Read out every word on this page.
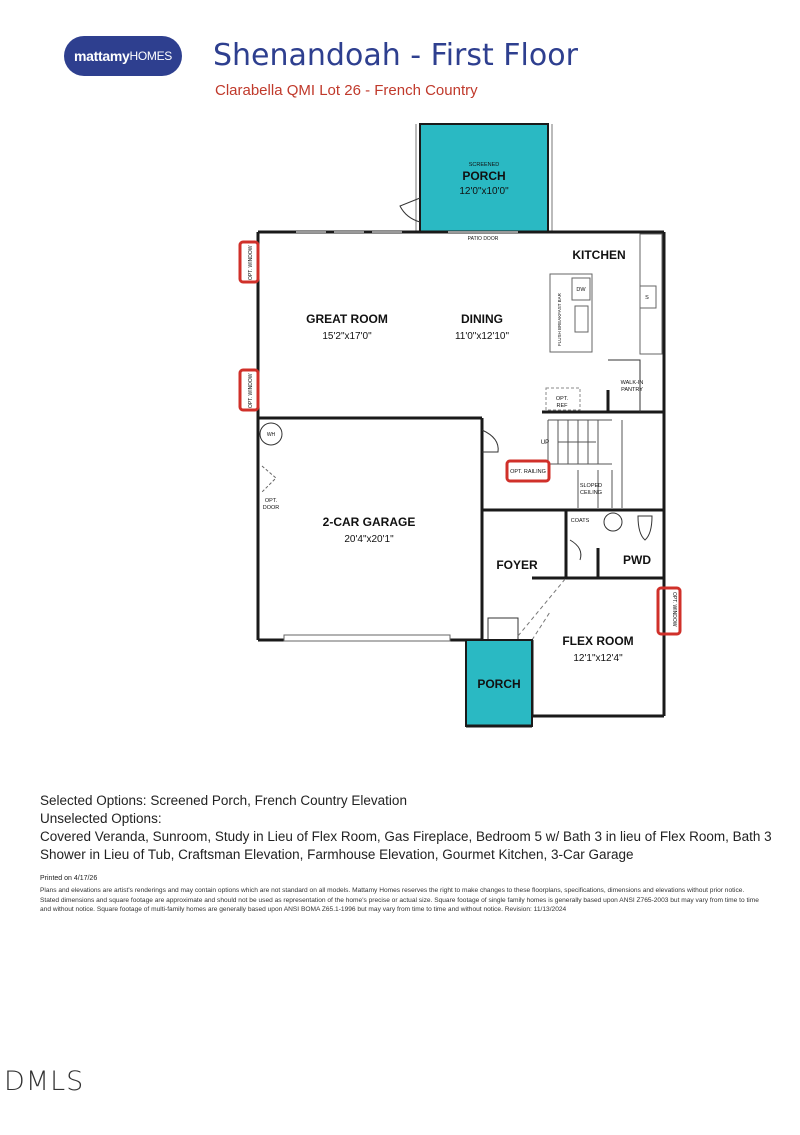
mattamy HOMES Shenandoah - First Floor
Clarabella QMI Lot 26 - French Country
SCREENED
PORCH
12'0"x10'0"
PATIO DOOR
KITCHEN
GREAT ROOM
15'2"x17'0"
DINING
11'0"x12'10"
2-CAR GARAGE
20'4"x20'1"
FOYER	PWD
FLEX ROOM
12'1"x12'4"
PORCH
WALK-IN
PANTRY
COATS
WH
UP
SLOPED
CEILING
OPT.
REF
OPT.
DOOR
DW
S
FLUSH BREAKFAST BAR
OPT. WINDOW
OPT. WINDOW
OPT. WINDOW
OPT. RAILING
Selected Options: Screened Porch, French Country Elevation
Unselected Options:
Covered Veranda, Sunroom, Study in Lieu of Flex Room, Gas Fireplace, Bedroom 5 w/ Bath 3 in lieu of Flex Room, Bath 3
Shower in Lieu of Tub, Craftsman Elevation, Farmhouse Elevation, Gourmet Kitchen, 3-Car Garage
Printed on 4/17/26
Plans and elevations are artist's renderings and may contain options which are not standard on all models. Mattamy Homes reserves the right to make changes to these floorplans, specifications, dimensions and elevations without prior notice. Stated dimensions and square footage are approximate and should not be used as representation of the home's precise or actual size. Square footage of single family homes is generally based upon ANSI Z765-2003 but may vary from time to time and without notice. Square footage of multi-family homes are generally based upon ANSI BOMA Z65.1-1996 but may vary from time to time and without notice. Revision: 11/13/2024
DMLS
